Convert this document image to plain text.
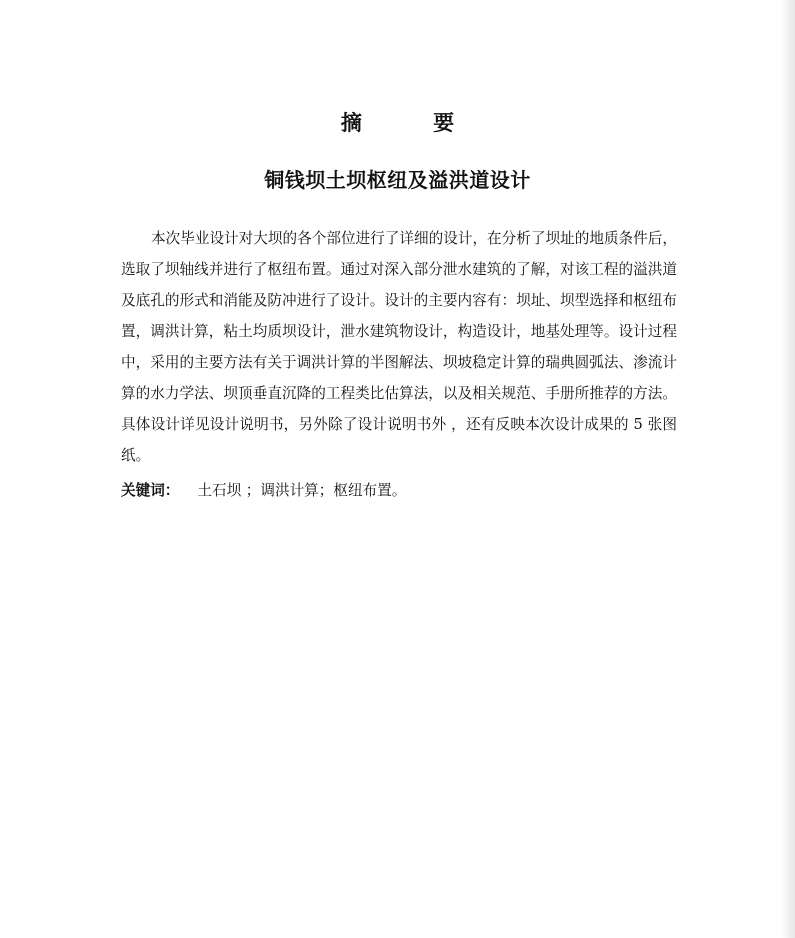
摘 要
铜钱坝土坝枢纽及溢洪道设计

本次毕业设计对大坝的各个部位进行了详细的设计，在分析了坝址的地质条件后，选取了坝轴线并进行了枢纽布置。通过对深入部分泄水建筑的了解，对该工程的溢洪道及底孔的形式和消能及防冲进行了设计。设计的主要内容有：坝址、坝型选择和枢纽布置，调洪计算，粘土均质坝设计，泄水建筑物设计，构造设计，地基处理等。设计过程中，采用的主要方法有关于调洪计算的半图解法、坝坡稳定计算的瑞典圆弧法、渗流计算的水力学法、坝顶垂直沉降的工程类比估算法，以及相关规范、手册所推荐的方法。具体设计详见设计说明书，另外除了设计说明书外 ，还有反映本次设计成果的 5 张图纸。

关键词： 土石坝 ；调洪计算；枢纽布置。
